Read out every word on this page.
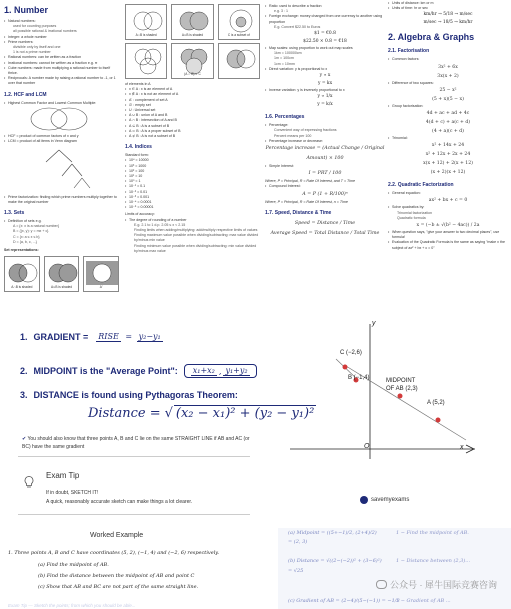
1. Number
• Natural numbers:
used for counting purposes
all possible rational & irrational numbers
• Integer: a whole number
• Prime numbers:
divisible only by itself and one
1 is not a prime number
• Rational numbers: can be written as a fraction
• Irrational numbers: cannot be written as a fraction e.g. π
• Cube numbers: made from multiplying a rational number to itself thrice.
• Reciprocals: A number made by raising a rational number to -1, or 1 over that number
1.2. HCF and LCM
• Highest Common Factor and Lowest Common Multiple:
• HCF = product of common factors of x and y
• LCM = product of all items in Venn diagram
• Prime factorization: finding which prime numbers multiply together to make the original number
1.3. Sets
• Definition of sets e.g.
A = {x: x is a natural number}
B = {(x, y): y = mx + c}
C = {x: a ≤ x ≤ b}
D = {a, b, c, ...}
Set representations:
A∩B is shaded	A∪B is shaded	A'
A∩B is shaded	A∪B is shaded	C is a subset of
(A ∩ B) ∪ C
of elements in A
• x ∈ A : x is an element of A
• x ∉ A : x is not an element of A
• A' : complement of set A
• ∅ : empty set
• U : Universal set
• A ∪ B : union of A and B
• A ∩ B : intersection of A and B
• A ⊆ B : A is a subset of B
• A ⊂ B : A is a proper subset of B
• A ⊄ B : A is not a subset of B
1.4. Indices
Standard form:
• 10⁴ = 10000
• 10³ = 1000
• 10² = 100
• 10¹ = 10
• 10⁰ = 1
• 10⁻¹ = 0.1
• 10⁻² = 0.01
• 10⁻³ = 0.001
• 10⁻⁴ = 0.0001
• 10⁻⁵ = 0.00001
Limits of accuracy:
• The degree of rounding of a number
E.g. 2.1 to 1 d.p. 2.05 ≤ x < 2.15
Finding limits when adding/multiplying: add/multiply respective limits of values
Finding maximum value possible when dividing/subtracting: max value divided by/minus min value
Finding minimum value possible when dividing/subtracting: min value divided by/minus max value
• Ratio: used to describe a fraction
e.g. 3 : 1
• Foreign exchange: money changed from one currency to another using proportion
E.g. Convert $22.50 to Euros
$1 = €0.8
$22.50 × 0.8 = €18
• Map scales: using proportion to work out map scales
1km = 100000cm
1m = 100cm
1cm = 10mm
• Direct variation: y is proportional to x
y ∝ x
y = kx
• Inverse variation: y is inversely proportional to x
y ∝ 1/x
y = k/x
1.6. Percentages
• Percentage:
Convenient way of expressing fractions
Percent means per 100
• Percentage increase or decrease:
Percentage increase = (Actual Change / Original Amount) × 100
• Simple Interest:
I = PRT / 100
Where, P = Principal, R = Rate Of Interest, and T = Time
• Compound Interest:
A = P (1 + R/100)ⁿ
Where, P = Principal, R = Rate Of Interest, n = Time
1.7. Speed, Distance & Time
Speed = Distance / Time
Average Speed = Total Distance / Total Time
• Units of distance: km or m
• Units of time: hr or sec
km/hr → 5/18 → m/sec
m/sec → 18/5 → km/hr
2. Algebra & Graphs
2.1. Factorisation
• Common factors:
3x² + 6x
3x(x + 2)
• Difference of two squares:
25 − x²
(5 + x)(5 − x)
• Group factorisation:
4d + ac + ad + 4c
4(d + c) + a(c + d)
(4 + a)(c + d)
• Trinomial:
x² + 14x + 24
x² + 12x + 2x + 24
x(x + 12) + 2(x + 12)
(x + 2)(x + 12)
2.2. Quadratic Factorization
• General equation:
ax² + bx + c = 0
• Solve quadratics by:
Trinomial factorization
Quadratic formula
x = (−b ± √(b² − 4ac)) / 2a
• When question says, "give your answer to two decimal places", use formula!
• Evaluation of the Quadratic Formula is the same as saying "make x the subject of ax² + bx + c = 0"
1. GRADIENT = RISE = y₂−y₁
2. MIDPOINT is the "Average Point": x₁+x₂ , y₁+y₂
3. DISTANCE is found using Pythagoras Theorem:
Distance = √ (x₂ − x₁)² + (y₂ − y₁)²
✔ You should also know that three points A, B and C lie on the same STRAIGHT LINE if AB and AC (or BC) have the same gradient
Exam Tip
If in doubt, SKETCH IT!
A quick, reasonably accurate sketch can make things a lot clearer.
C (−2,6)
B (−1,4)	MIDPOINT
OF AB (2,3)
A (5,2)
O	x
y
savemyexams
Worked Example
1. Three points A, B and C have coordinates (5, 2), (−1, 4) and (−2, 6) respectively.
(a) Find the midpoint of AB.
(b) Find the distance between the midpoint of AB and point C
(c) Show that AB and BC are not part of the same straight line.
(a) Midpoint = ((5+−1)/2, (2+4)/2)
= (2, 3)
(b) Distance = √((2−(−2))² + (3−6)²)
= √25
(c) Gradient of AB = (2−4)/(5−(−1)) = −1/3
1 − Find the midpoint of AB.
1 − Distance between (2,3)...
1 − Gradient of AB ...
公众号 · 犀牛国际竞赛咨询
Exam Tip — Sketch the points; from which you should be able...
